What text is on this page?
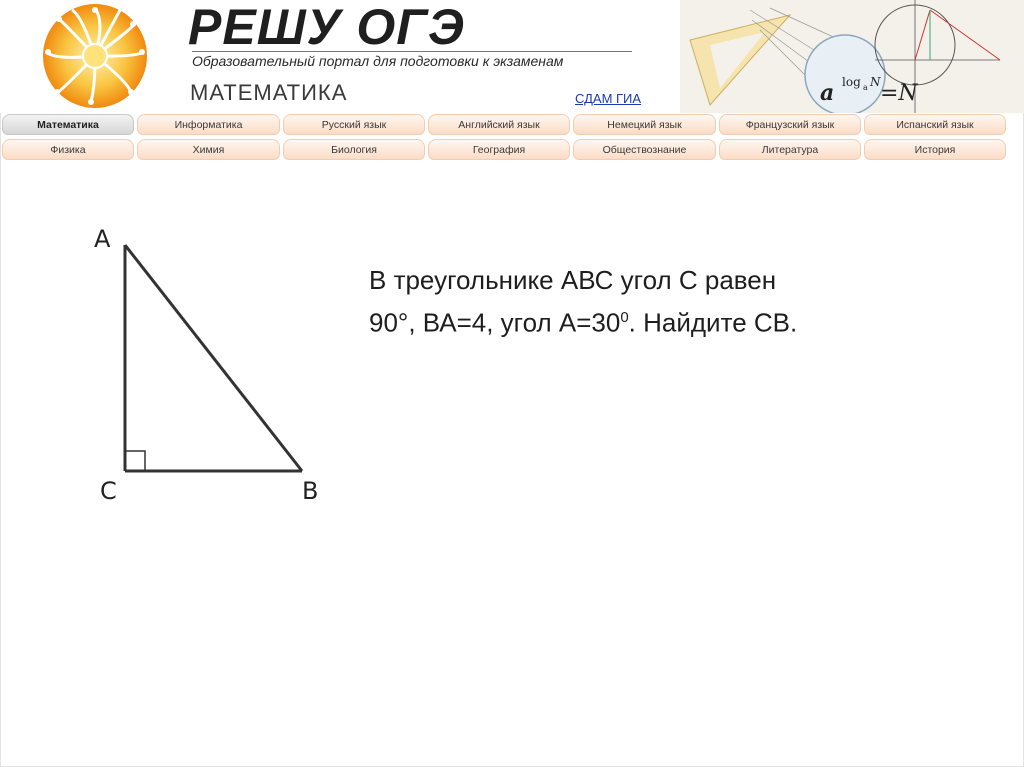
РЕШУ ОГЭ
Образовательный портал для подготовки к экзаменам
МАТЕМАТИКА	СДАМ ГИА	a log a N =N
Математика	Информатика	Русский язык	Английский язык	Немецкий язык	Французский язык	Испанский язык
Физика	Химия	Биология	География	Обществознание	Литература	История
A
C	B
В треугольнике АВС угол С равен
90°, ВА=4, угол $А=30^0$. Найдите СВ.
